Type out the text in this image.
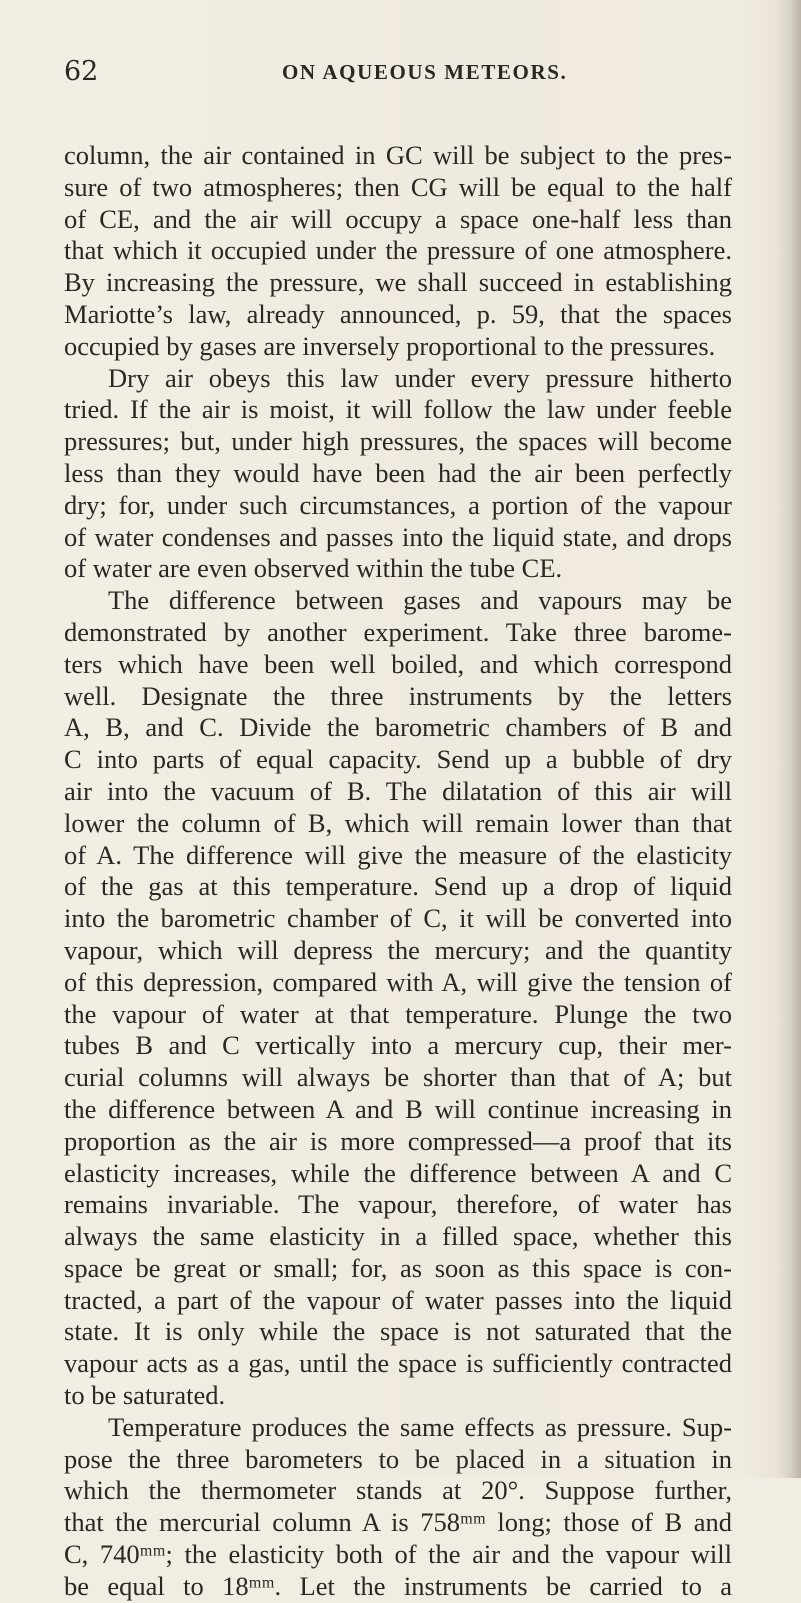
62	ON AQUEOUS METEORS.
column, the air contained in GC will be subject to the pres-
sure of two atmospheres; then CG will be equal to the half
of CE, and the air will occupy a space one-half less than
that which it occupied under the pressure of one atmosphere.
By increasing the pressure, we shall succeed in establishing
Mariotte’s law, already announced, p. 59, that the spaces
occupied by gases are inversely proportional to the pressures.
Dry air obeys this law under every pressure hitherto
tried. If the air is moist, it will follow the law under feeble
pressures; but, under high pressures, the spaces will become
less than they would have been had the air been perfectly
dry; for, under such circumstances, a portion of the vapour
of water condenses and passes into the liquid state, and drops
of water are even observed within the tube CE.
The difference between gases and vapours may be
demonstrated by another experiment. Take three barome-
ters which have been well boiled, and which correspond
well. Designate the three instruments by the letters
A, B, and C. Divide the barometric chambers of B and
C into parts of equal capacity. Send up a bubble of dry
air into the vacuum of B. The dilatation of this air will
lower the column of B, which will remain lower than that
of A. The difference will give the measure of the elasticity
of the gas at this temperature. Send up a drop of liquid
into the barometric chamber of C, it will be converted into
vapour, which will depress the mercury; and the quantity
of this depression, compared with A, will give the tension of
the vapour of water at that temperature. Plunge the two
tubes B and C vertically into a mercury cup, their mer-
curial columns will always be shorter than that of A; but
the difference between A and B will continue increasing in
proportion as the air is more compressed—a proof that its
elasticity increases, while the difference between A and C
remains invariable. The vapour, therefore, of water has
always the same elasticity in a filled space, whether this
space be great or small; for, as soon as this space is con-
tracted, a part of the vapour of water passes into the liquid
state. It is only while the space is not saturated that the
vapour acts as a gas, until the space is sufficiently contracted
to be saturated.
Temperature produces the same effects as pressure. Sup-
pose the three barometers to be placed in a situation in
which the thermometer stands at 20°. Suppose further,
that the mercurial column A is 758ᵐᵐ long; those of B and
C, 740ᵐᵐ; the elasticity both of the air and the vapour will
be equal to 18ᵐᵐ. Let the instruments be carried to a
